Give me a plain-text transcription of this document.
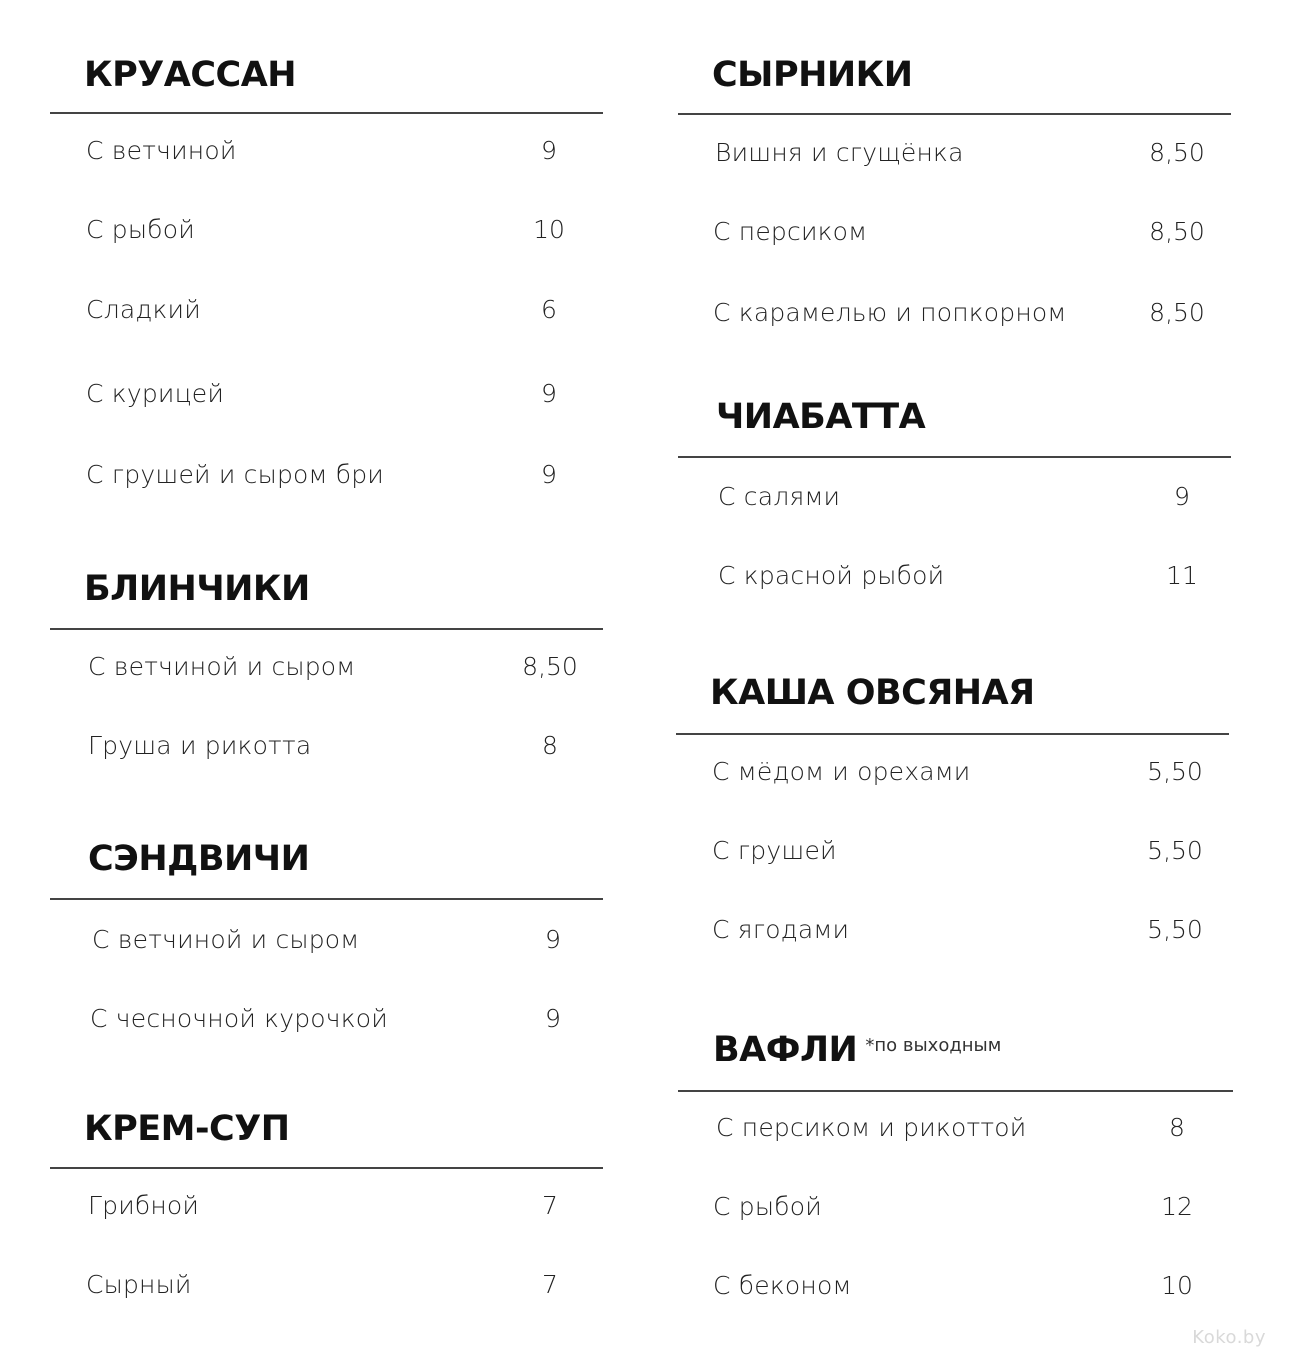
КРУАССАН
С ветчиной	9
С рыбой	10
Сладкий	6
С курицей	9
С грушей и сыром бри	9
БЛИНЧИКИ
С ветчиной и сыром	8,50
Груша и рикотта	8
СЭНДВИЧИ
С ветчиной и сыром	9
С чесночной курочкой	9
КРЕМ-СУП
Грибной	7
Сырный	7
СЫРНИКИ
Вишня и сгущёнка	8,50
С персиком	8,50
С карамелью и попкорном	8,50
ЧИАБАТТА
С салями	9
С красной рыбой	11
КАША ОВСЯНАЯ
С мёдом и орехами	5,50
С грушей	5,50
С ягодами	5,50
ВАФЛИ $^{*по выходным}$
С персиком и рикоттой	8
С рыбой	12
С беконом	10
Koko.by
